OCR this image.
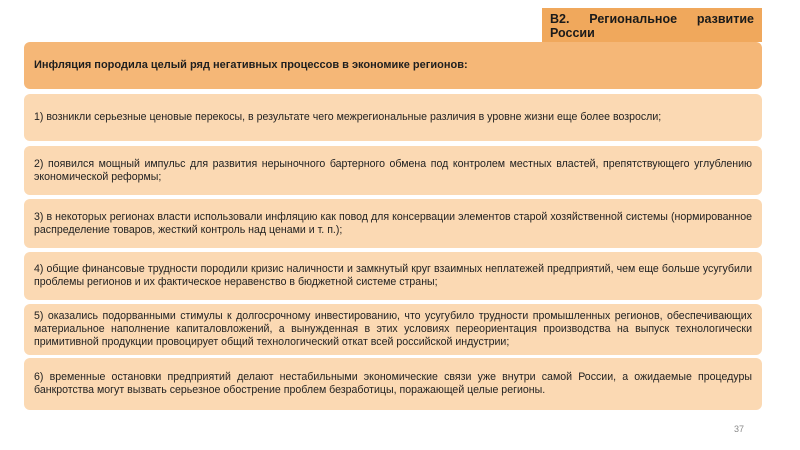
B2. Региональное развитие
России
Инфляция породила целый ряд негативных процессов в экономике регионов:
1) возникли серьезные ценовые перекосы, в результате чего межрегиональные различия в уровне жизни еще более возросли;
2) появился мощный импульс для развития нерыночного бартерного обмена под контролем местных властей, препятствующего углублению экономической реформы;
3) в некоторых регионах власти использовали инфляцию как повод для консервации элементов старой хозяйственной системы (нормированное распределение товаров, жесткий контроль над ценами и т. п.);
4) общие финансовые трудности породили кризис наличности и замкнутый круг взаимных неплатежей предприятий, чем еще больше усугубили проблемы регионов и их фактическое неравенство в бюджетной системе страны;
5) оказались подорванными стимулы к долгосрочному инвестированию, что усугубило трудности промышленных регионов, обеспечивающих материальное наполнение капиталовложений, а вынужденная в этих условиях переориентация производства на выпуск технологически примитивной продукции провоцирует общий технологический откат всей российской индустрии;
6) временные остановки предприятий делают нестабильными экономические связи уже внутри самой России, а ожидаемые процедуры банкротства могут вызвать серьезное обострение проблем безработицы, поражающей целые регионы.
37
